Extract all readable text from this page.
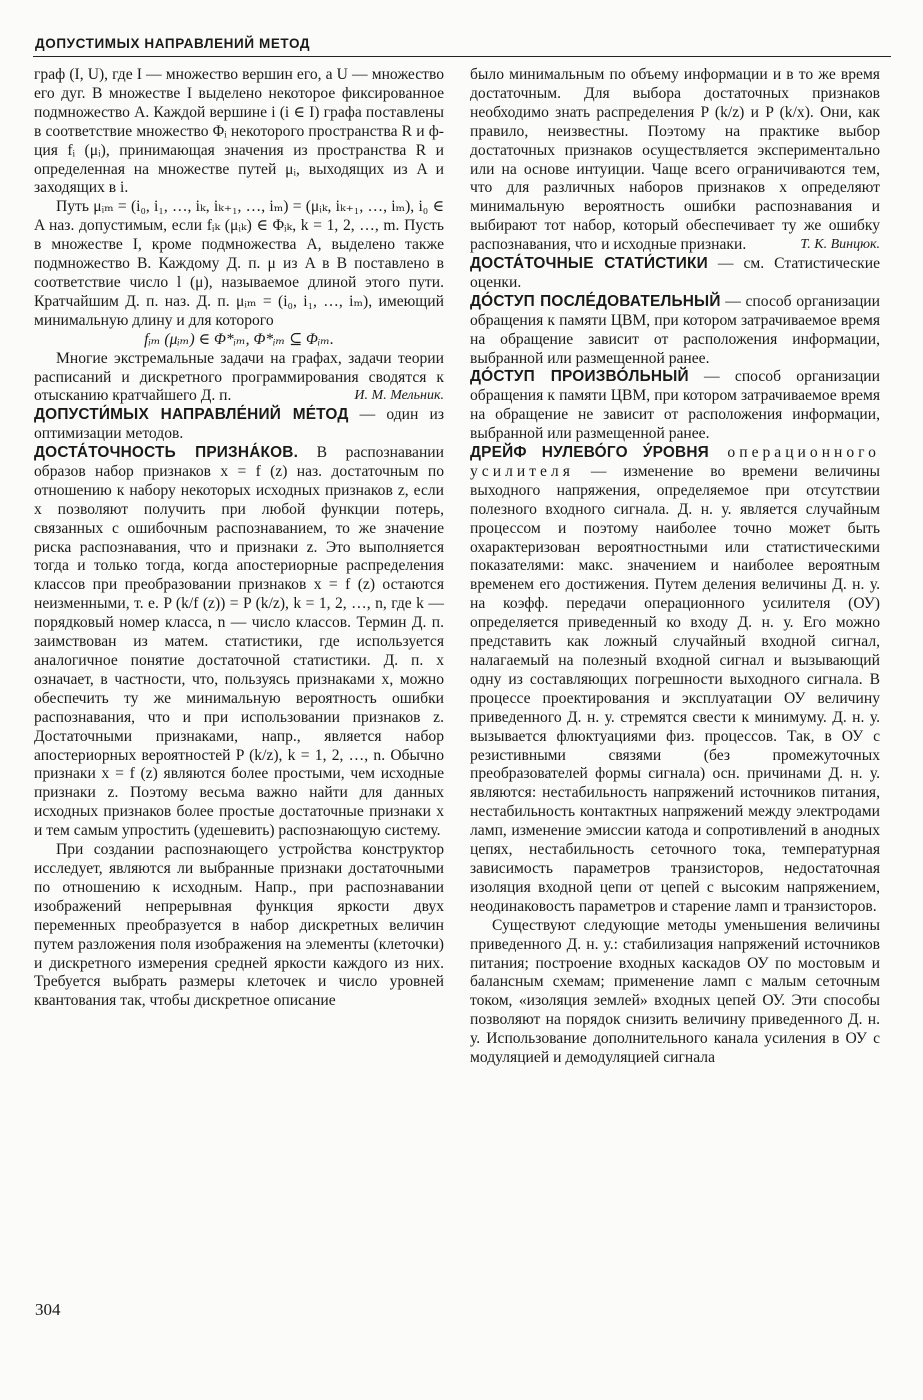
ДОПУСТИМЫХ НАПРАВЛЕНИЙ МЕТОД

граф (I, U), где I — множество вершин его, а U — множество его дуг. В множестве I выделено некоторое фиксированное подмножество A. Каждой вершине i (i ∈ I) графа поставлены в соответствие множество Φᵢ некоторого пространства R и ф-ция fᵢ (μᵢ), принимающая значения из пространства R и определенная на множестве путей μᵢ, выходящих из A и заходящих в i.

Путь μᵢₘ = (i₀, i₁, …, iₖ, iₖ₊₁, …, iₘ) = (μᵢₖ, iₖ₊₁, …, iₘ), i₀ ∈ A наз. допустимым, если fᵢₖ (μᵢₖ) ∈ Φᵢₖ, k = 1, 2, …, m. Пусть в множестве I, кроме подмножества A, выделено также подмножество B. Каждому Д. п. μ из A в B поставлено в соответствие число l (μ), называемое длиной этого пути. Кратчайшим Д. п. наз. Д. п. μᵢₘ = (i₀, i₁, …, iₘ), имеющий минимальную длину и для которого

fᵢₘ (μᵢₘ) ∈ Φ*ᵢₘ, Φ*ᵢₘ ⊆ Φᵢₘ.

Многие экстремальные задачи на графах, задачи теории расписаний и дискретного программирования сводятся к отысканию кратчайшего Д. п.	И. М. Мельник.

ДОПУСТИ́МЫХ НАПРАВЛЕ́НИЙ МЕ́ТОД — один из оптимизации методов.

ДОСТА́ТОЧНОСТЬ ПРИЗНА́КОВ. В распознавании образов набор признаков x = f (z) наз. достаточным по отношению к набору некоторых исходных признаков z, если x позволяют получить при любой функции потерь, связанных с ошибочным распознаванием, то же значение риска распознавания, что и признаки z. Это выполняется тогда и только тогда, когда апостериорные распределения классов при преобразовании признаков x = f (z) остаются неизменными, т. е. P (k/f (z)) = P (k/z), k = 1, 2, …, n, где k — порядковый номер класса, n — число классов. Термин Д. п. заимствован из матем. статистики, где используется аналогичное понятие достаточной статистики. Д. п. x означает, в частности, что, пользуясь признаками x, можно обеспечить ту же минимальную вероятность ошибки распознавания, что и при использовании признаков z. Достаточными признаками, напр., является набор апостериорных вероятностей P (k/z), k = 1, 2, …, n. Обычно признаки x = f (z) являются более простыми, чем исходные признаки z. Поэтому весьма важно найти для данных исходных признаков более простые достаточные признаки x и тем самым упростить (удешевить) распознающую систему.

При создании распознающего устройства конструктор исследует, являются ли выбранные признаки достаточными по отношению к исходным. Напр., при распознавании изображений непрерывная функция яркости двух переменных преобразуется в набор дискретных величин путем разложения поля изображения на элементы (клеточки) и дискретного измерения средней яркости каждого из них. Требуется выбрать размеры клеточек и число уровней квантования так, чтобы дискретное описание

было минимальным по объему информации и в то же время достаточным. Для выбора достаточных признаков необходимо знать распределения P (k/z) и P (k/x). Они, как правило, неизвестны. Поэтому на практике выбор достаточных признаков осуществляется экспериментально или на основе интуиции. Чаще всего ограничиваются тем, что для различных наборов признаков x определяют минимальную вероятность ошибки распознавания и выбирают тот набор, который обеспечивает ту же ошибку распознавания, что и исходные признаки.	Т. К. Винцюк.

ДОСТА́ТОЧНЫЕ СТАТИ́СТИКИ — см. Статистические оценки.

ДО́СТУП ПОСЛЕ́ДОВАТЕЛЬНЫЙ — способ организации обращения к памяти ЦВМ, при котором затрачиваемое время на обращение зависит от расположения информации, выбранной или размещенной ранее.

ДО́СТУП ПРОИЗВО́ЛЬНЫЙ — способ организации обращения к памяти ЦВМ, при котором затрачиваемое время на обращение не зависит от расположения информации, выбранной или размещенной ранее.

ДРЕЙФ НУЛЕВО́ГО У́РОВНЯ операционного усилителя — изменение во времени величины выходного напряжения, определяемое при отсутствии полезного входного сигнала. Д. н. у. является случайным процессом и поэтому наиболее точно может быть охарактеризован вероятностными или статистическими показателями: макс. значением и наиболее вероятным временем его достижения. Путем деления величины Д. н. у. на коэфф. передачи операционного усилителя (ОУ) определяется приведенный ко входу Д. н. у. Его можно представить как ложный случайный входной сигнал, налагаемый на полезный входной сигнал и вызывающий одну из составляющих погрешности выходного сигнала. В процессе проектирования и эксплуатации ОУ величину приведенного Д. н. у. стремятся свести к минимуму. Д. н. у. вызывается флюктуациями физ. процессов. Так, в ОУ с резистивными связями (без промежуточных преобразователей формы сигнала) осн. причинами Д. н. у. являются: нестабильность напряжений источников питания, нестабильность контактных напряжений между электродами ламп, изменение эмиссии катода и сопротивлений в анодных цепях, нестабильность сеточного тока, температурная зависимость параметров транзисторов, недостаточная изоляция входной цепи от цепей с высоким напряжением, неодинаковость параметров и старение ламп и транзисторов.

Существуют следующие методы уменьшения величины приведенного Д. н. у.: стабилизация напряжений источников питания; построение входных каскадов ОУ по мостовым и балансным схемам; применение ламп с малым сеточным током, «изоляция землей» входных цепей ОУ. Эти способы позволяют на порядок снизить величину приведенного Д. н. у. Использование дополнительного канала усиления в ОУ с модуляцией и демодуляцией сигнала

304
